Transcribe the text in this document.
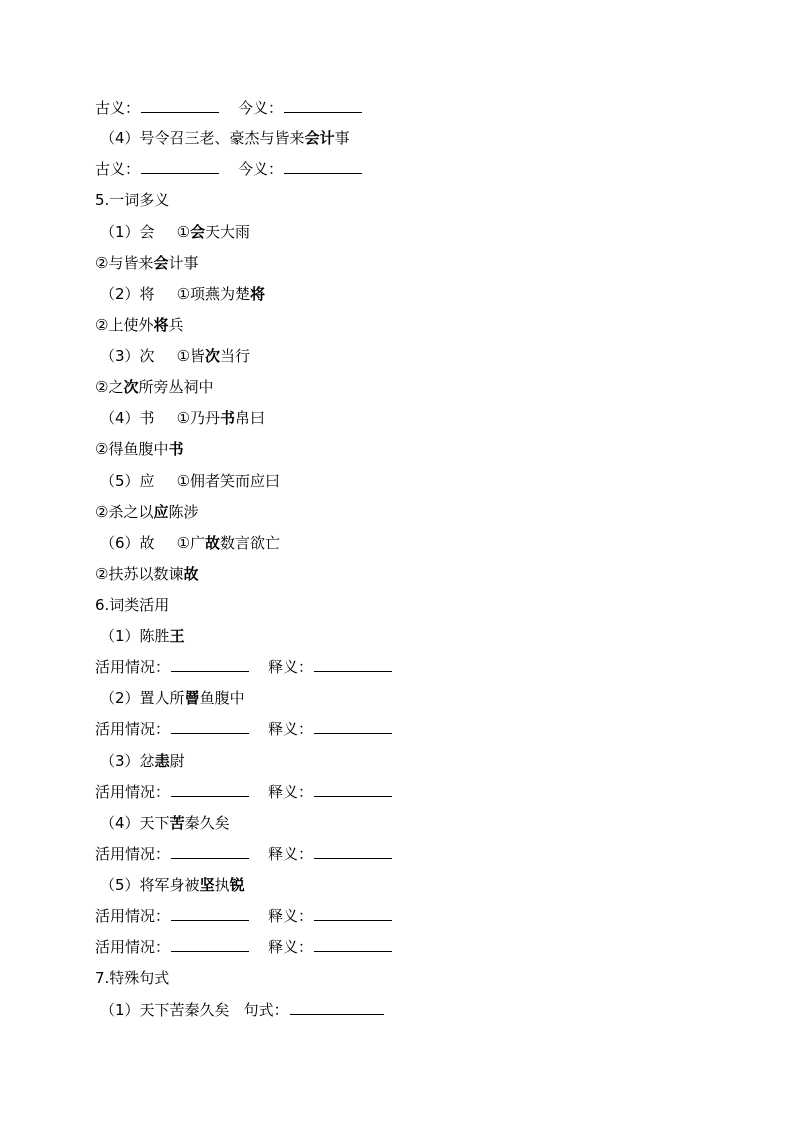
古义：	今义：
（4）号令召三老、豪杰与皆来会计事
古义：	今义：
5.一词多义
（1）会 ①会天大雨
②与皆来会计事
（2）将 ①项燕为楚将
②上使外将兵
（3）次 ①皆次当行
②之次所旁丛祠中
（4）书 ①乃丹书帛曰
②得鱼腹中书
（5）应 ①佣者笑而应曰
②杀之以应陈涉
（6）故 ①广故数言欲亡
②扶苏以数谏故
6.词类活用
（1）陈胜王
活用情况：	释义：
（2）置人所罾鱼腹中
活用情况：	释义：
（3）忿恚尉
活用情况：	释义：
（4）天下苦秦久矣
活用情况：	释义：
（5）将军身被坚执锐
活用情况：	释义：
活用情况：	释义：
7.特殊句式
（1）天下苦秦久矣 句式：
